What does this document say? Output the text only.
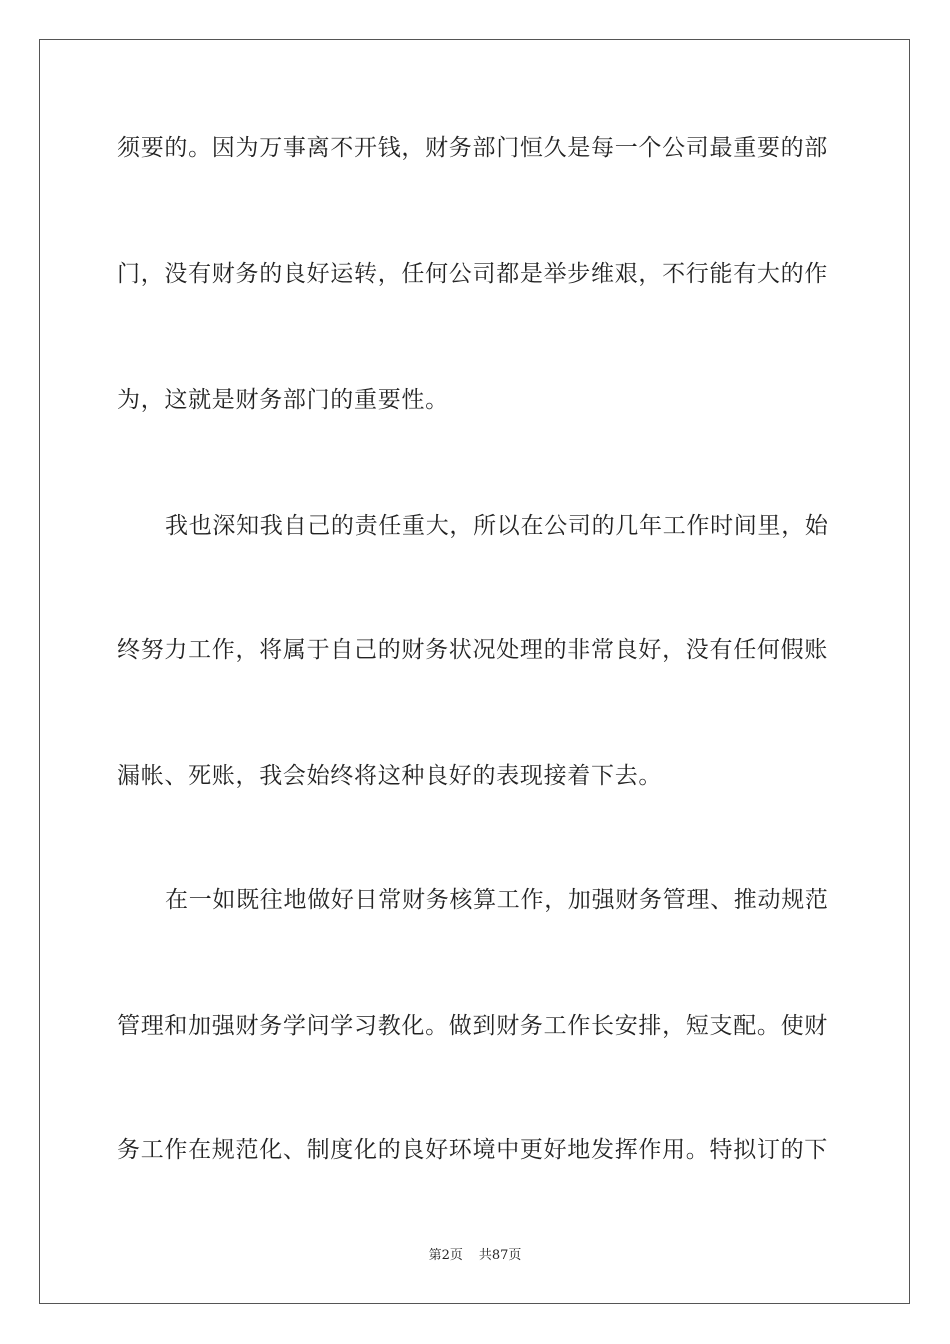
须要的。因为万事离不开钱，财务部门恒久是每一个公司最重要的部
门，没有财务的良好运转，任何公司都是举步维艰，不行能有大的作
为，这就是财务部门的重要性。
我也深知我自己的责任重大，所以在公司的几年工作时间里，始
终努力工作，将属于自己的财务状况处理的非常良好，没有任何假账
漏帐、死账，我会始终将这种良好的表现接着下去。
在一如既往地做好日常财务核算工作，加强财务管理、推动规范
管理和加强财务学问学习教化。做到财务工作长安排，短支配。使财
务工作在规范化、制度化的良好环境中更好地发挥作用。特拟订的下
第2页 共87页
